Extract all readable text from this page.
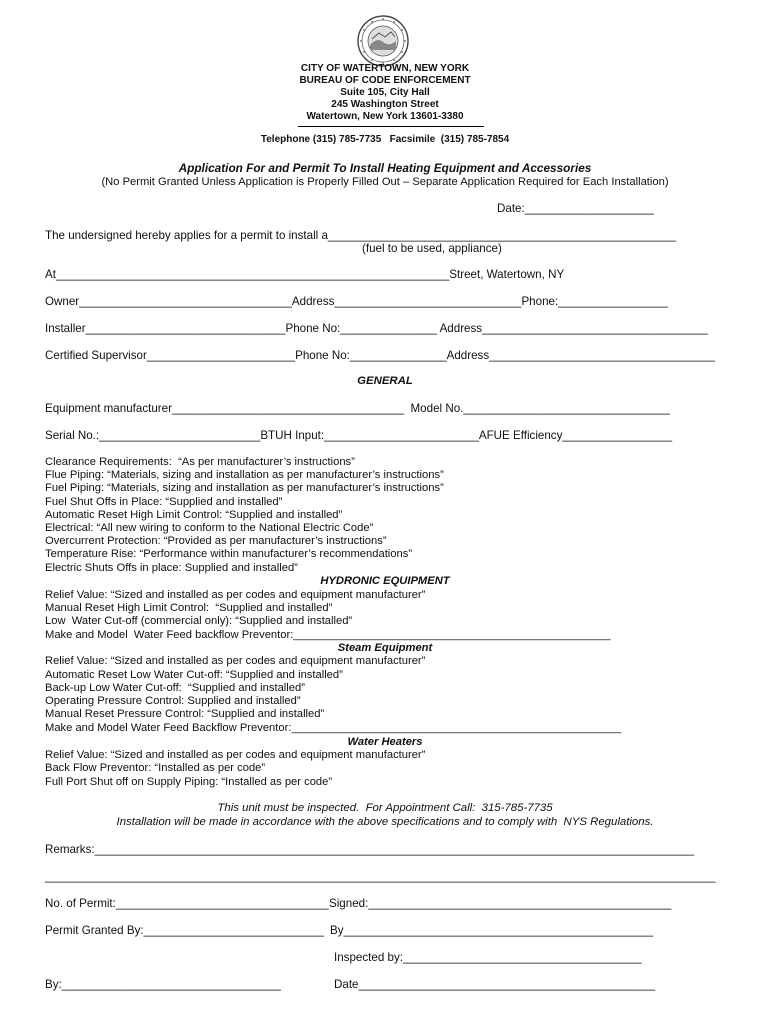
CITY OF WATERTOWN, NEW YORK
BUREAU OF CODE ENFORCEMENT
Suite 105, City Hall
245 Washington Street
Watertown, New York 13601-3380
Telephone (315) 785-7735   Facsimile  (315) 785-7854
Application For and Permit To Install Heating Equipment and Accessories
(No Permit Granted Unless Application is Properly Filled Out – Separate Application Required for Each Installation)
Date:____________________
The undersigned hereby applies for a permit to install a______________________________________________________
(fuel to be used, appliance)
At_____________________________________________________________Street, Watertown, NY
Owner_________________________________Address_____________________________Phone:_________________
Installer_______________________________Phone No:_______________ Address___________________________________
Certified Supervisor_______________________Phone No:_______________Address___________________________________
GENERAL
Equipment manufacturer____________________________________  Model No.________________________________
Serial No.:_________________________BTUH Input:________________________AFUE Efficiency_________________
Clearance Requirements:  “As per manufacturer’s instructions”
Flue Piping: “Materials, sizing and installation as per manufacturer’s instructions”
Fuel Piping: “Materials, sizing and installation as per manufacturer’s instructions”
Fuel Shut Offs in Place: “Supplied and installed”
Automatic Reset High Limit Control: “Supplied and installed”
Electrical: “All new wiring to conform to the National Electric Code”
Overcurrent Protection: “Provided as per manufacturer’s instructions”
Temperature Rise: “Performance within manufacturer’s recommendations”
Electric Shuts Offs in place: Supplied and installed”
HYDRONIC EQUIPMENT
Relief Value: “Sized and installed as per codes and equipment manufacturer”
Manual Reset High Limit Control:  “Supplied and installed”
Low  Water Cut-off (commercial only): “Supplied and installed”
Make and Model  Water Feed backflow Preventor:___________________________________________________
Steam Equipment
Relief Value: “Sized and installed as per codes and equipment manufacturer”
Automatic Reset Low Water Cut-off: “Supplied and installed”
Back-up Low Water Cut-off:  “Supplied and installed”
Operating Pressure Control: Supplied and installed”
Manual Reset Pressure Control: “Supplied and installed”
Make and Model Water Feed Backflow Preventor:_____________________________________________________
Water Heaters
Relief Value: “Sized and installed as per codes and equipment manufacturer”
Back Flow Preventor: “Installed as per code”
Full Port Shut off on Supply Piping: “Installed as per code”
This unit must be inspected.  For Appointment Call:  315-785-7735
Installation will be made in accordance with the above specifications and to comply with  NYS Regulations.
Remarks:_____________________________________________________________________________________________
________________________________________________________________________________________________________
No. of Permit:_________________________________ Signed:_______________________________________________
Permit Granted By:____________________________ By________________________________________________
Inspected by:_____________________________________
By:__________________________________	Date______________________________________________
